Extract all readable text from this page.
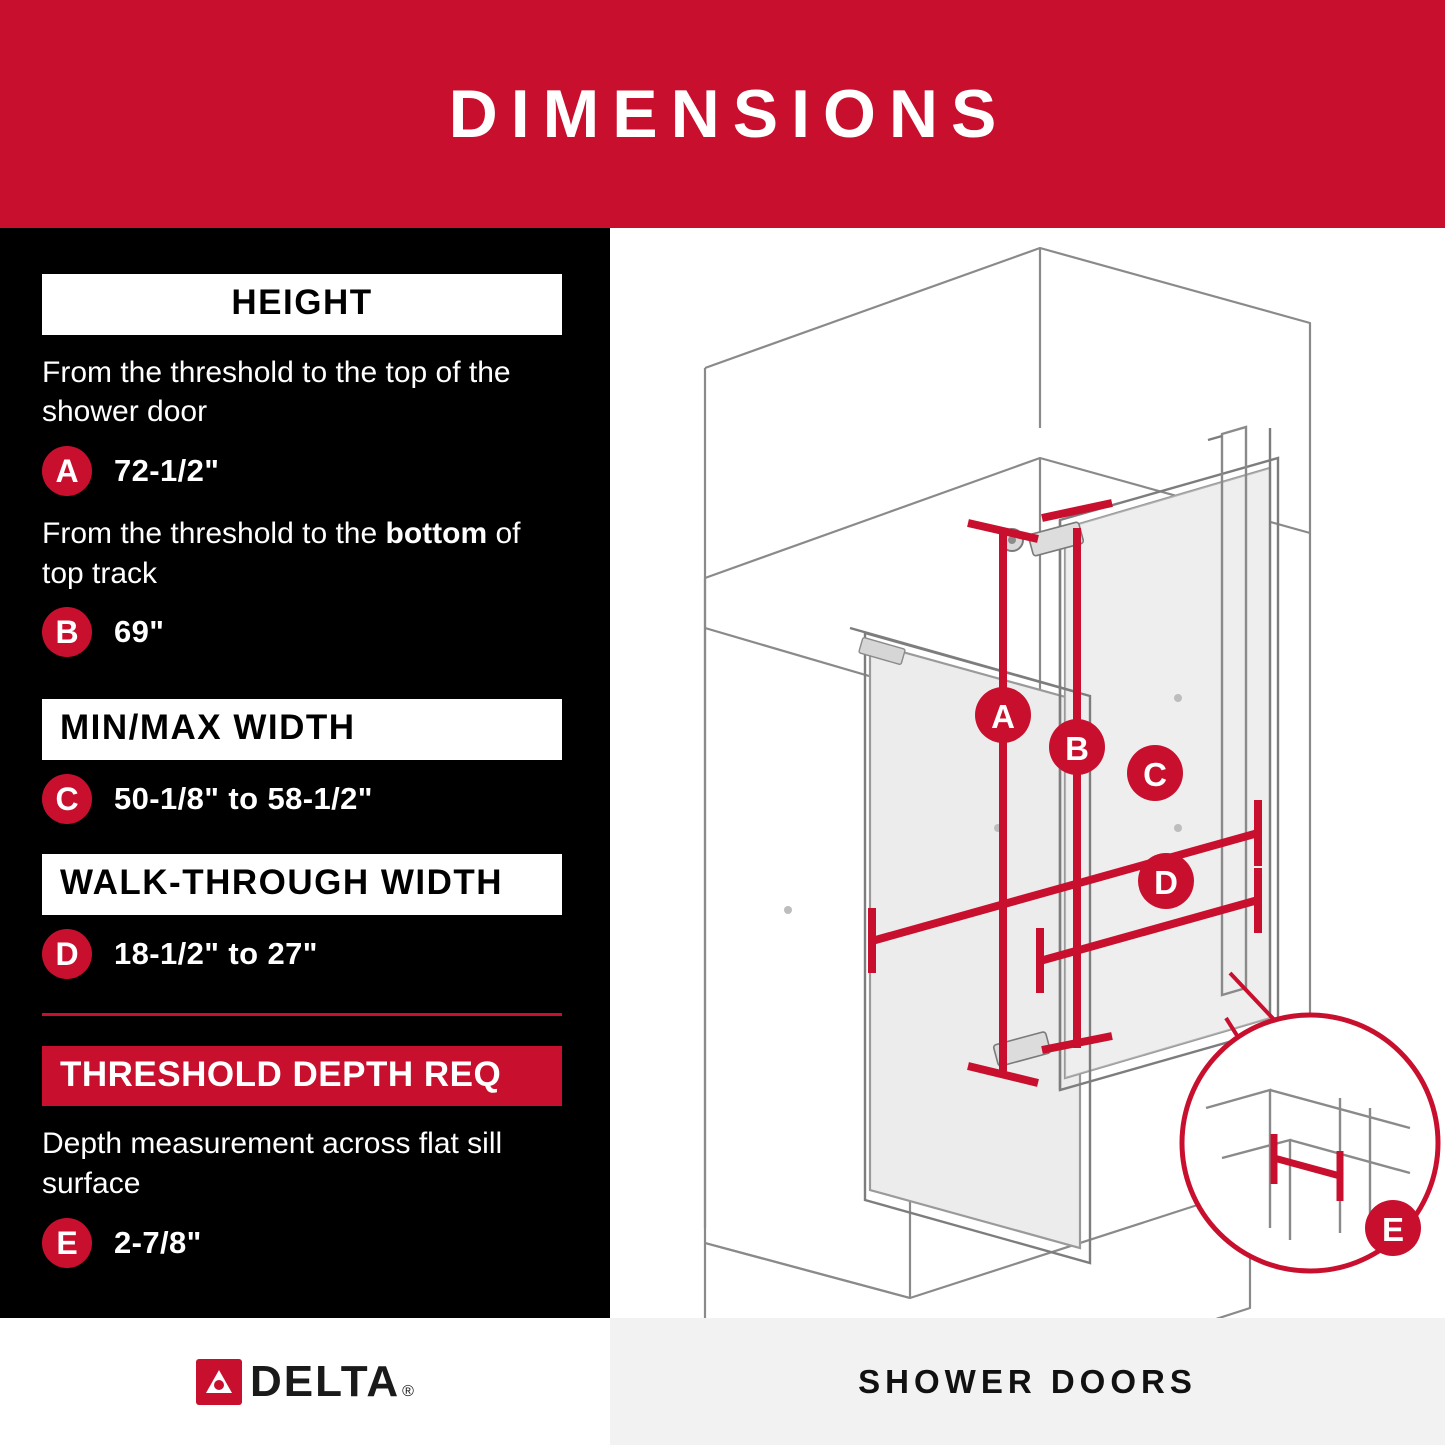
DIMENSIONS
HEIGHT
From the threshold to the top of the shower door
A	72-1/2"
From the threshold to the bottom of top track
B	69"
MIN/MAX WIDTH
C	50-1/8" to 58-1/2"
WALK-THROUGH WIDTH
D	18-1/2" to 27"
THRESHOLD DEPTH REQ
Depth measurement across flat sill surface
E	2-7/8"
A
B
C
D
E
DELTA ®	SHOWER DOORS
